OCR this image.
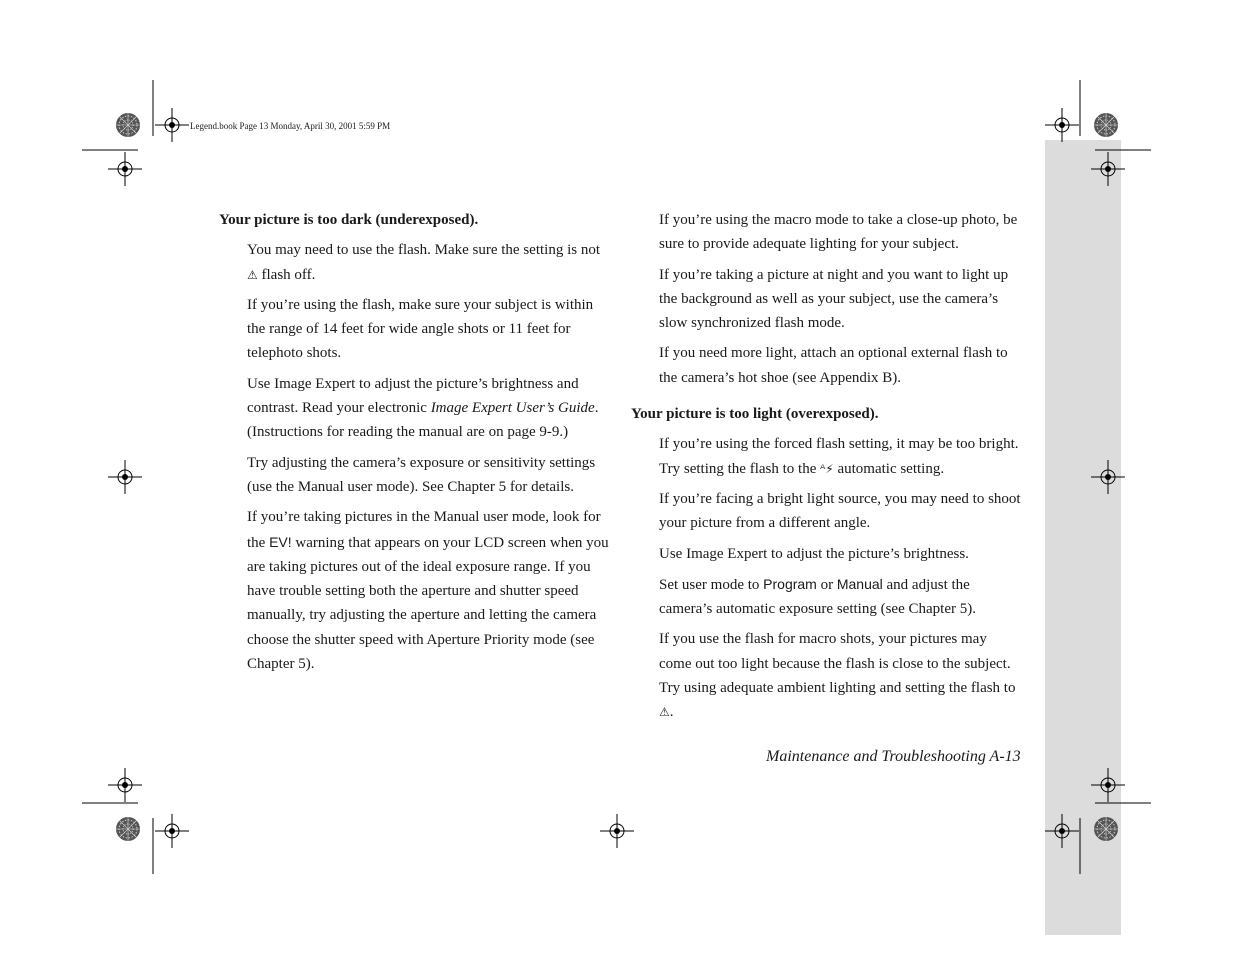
Legend.book Page 13 Monday, April 30, 2001 5:59 PM
Your picture is too dark (underexposed).

You may need to use the flash. Make sure the setting is not ⚠ flash off.

If you’re using the flash, make sure your subject is within the range of 14 feet for wide angle shots or 11 feet for telephoto shots.

Use Image Expert to adjust the picture’s brightness and contrast. Read your electronic Image Expert User’s Guide. (Instructions for reading the manual are on page 9-9.)

Try adjusting the camera’s exposure or sensitivity settings (use the Manual user mode). See Chapter 5 for details.

If you’re taking pictures in the Manual user mode, look for the EV! warning that appears on your LCD screen when you are taking pictures out of the ideal exposure range. If you have trouble setting both the aperture and shutter speed manually, try adjusting the aperture and letting the camera choose the shutter speed with Aperture Priority mode (see Chapter 5).

If you’re using the macro mode to take a close-up photo, be sure to provide adequate lighting for your subject.

If you’re taking a picture at night and you want to light up the background as well as your subject, use the camera’s slow synchronized flash mode.

If you need more light, attach an optional external flash to the camera’s hot shoe (see Appendix B).

Your picture is too light (overexposed).

If you’re using the forced flash setting, it may be too bright. Try setting the flash to the ᴬ⚡ automatic setting.

If you’re facing a bright light source, you may need to shoot your picture from a different angle.

Use Image Expert to adjust the picture’s brightness.

Set user mode to Program or Manual and adjust the camera’s automatic exposure setting (see Chapter 5).

If you use the flash for macro shots, your pictures may come out too light because the flash is close to the subject. Try using adequate ambient lighting and setting the flash to ⚠.

Maintenance and Troubleshooting A-13
